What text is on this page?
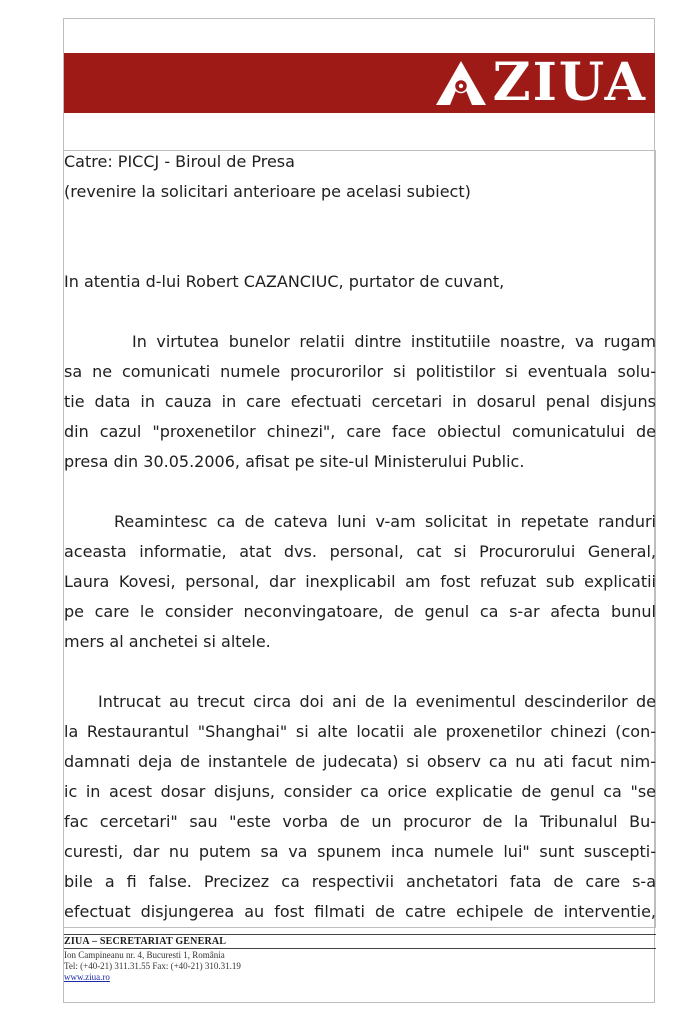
ZIUA

Catre: PICCJ - Biroul de Presa

(revenire la solicitari anterioare pe acelasi subiect)

In atentia d-lui Robert CAZANCIUC, purtator de cuvant,

In virtutea bunelor relatii dintre institutiile noastre, va rugam

sa ne comunicati numele procurorilor si politistilor si eventuala solu-

tie data in cauza in care efectuati cercetari in dosarul penal disjuns

din cazul "proxenetilor chinezi", care face obiectul comunicatului de

presa din 30.05.2006, afisat pe site-ul Ministerului Public.

Reamintesc ca de cateva luni v-am solicitat in repetate randuri

aceasta informatie, atat dvs. personal, cat si Procurorului General,

Laura Kovesi, personal, dar inexplicabil am fost refuzat sub explicatii

pe care le consider neconvingatoare, de genul ca s-ar afecta bunul

mers al anchetei si altele.

Intrucat au trecut circa doi ani de la evenimentul descinderilor de

la Restaurantul "Shanghai" si alte locatii ale proxenetilor chinezi (con-

damnati deja de instantele de judecata) si observ ca nu ati facut nim-

ic in acest dosar disjuns, consider ca orice explicatie de genul ca "se

fac cercetari" sau "este vorba de un procuror de la Tribunalul Bu-

curesti, dar nu putem sa va spunem inca numele lui" sunt suscepti-

bile a fi false. Precizez ca respectivii anchetatori fata de care s-a

efectuat disjungerea au fost filmati de catre echipele de interventie,

ZIUA – SECRETARIAT GENERAL
Ion Campineanu nr. 4, Bucuresti 1, România
Tel: (+40-21) 311.31.55 Fax: (+40-21) 310.31.19
www.ziua.ro
